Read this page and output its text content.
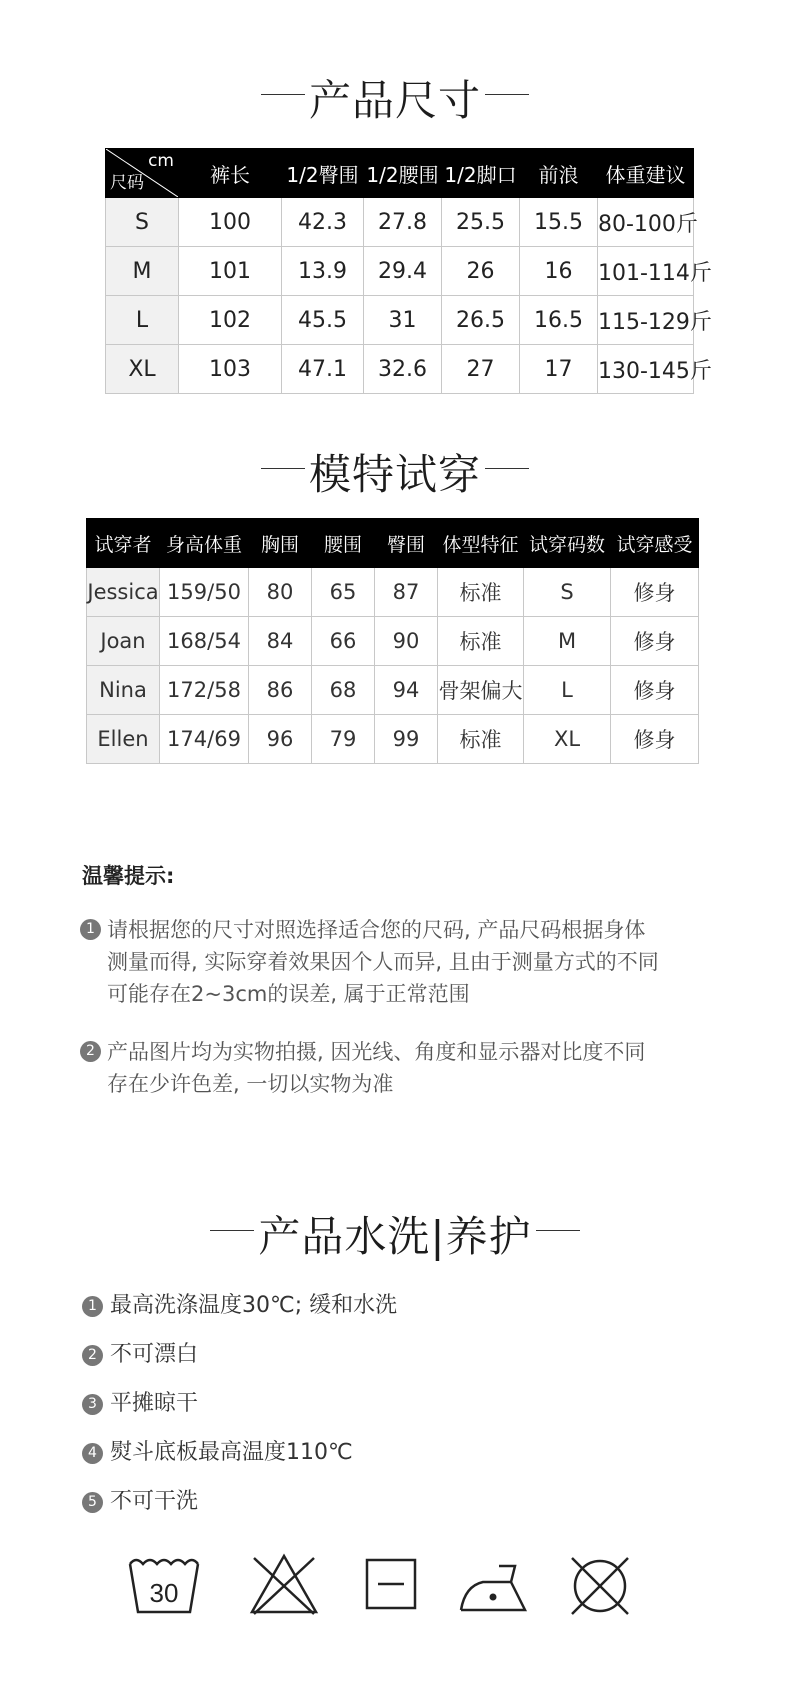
产品尺寸
cm
尺码	裤长	1/2臀围	1/2腰围	1/2脚口	前浪	体重建议
S	100	42.3	27.8	25.5	15.5	80-100斤
M	101	13.9	29.4	26	16	101-114斤
L	102	45.5	31	26.5	16.5	115-129斤
XL	103	47.1	32.6	27	17	130-145斤
模特试穿
试穿者	身高体重	胸围	腰围	臀围	体型特征	试穿码数	试穿感受
Jessica	159/50	80	65	87	标准	S	修身
Joan	168/54	84	66	90	标准	M	修身
Nina	172/58	86	68	94	骨架偏大	L	修身
Ellen	174/69	96	79	99	标准	XL	修身
温馨提示:
1 请根据您的尺寸对照选择适合您的尺码, 产品尺码根据身体
测量而得, 实际穿着效果因个人而异, 且由于测量方式的不同
可能存在2~3cm的误差, 属于正常范围
2 产品图片均为实物拍摄, 因光线、角度和显示器对比度不同
存在少许色差, 一切以实物为准
产品水洗|养护
1 最高洗涤温度30℃; 缓和水洗
2 不可漂白
3 平摊晾干
4 熨斗底板最高温度110℃
5 不可干洗
30
